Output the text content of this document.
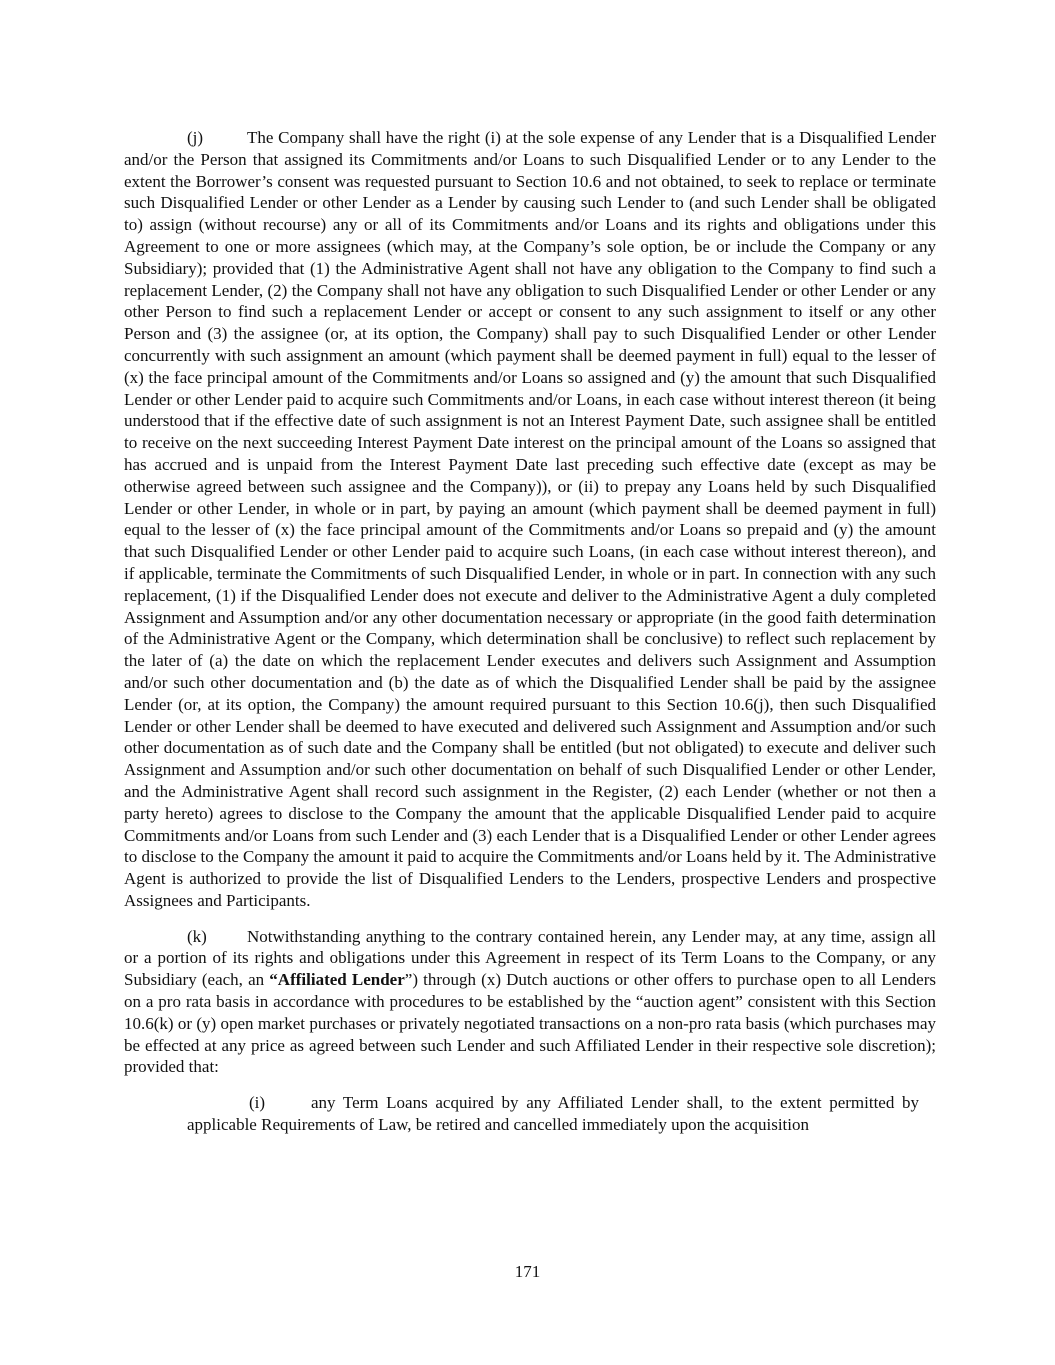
(j)	The Company shall have the right (i) at the sole expense of any Lender that is a Disqualified Lender and/or the Person that assigned its Commitments and/or Loans to such Disqualified Lender or to any Lender to the extent the Borrower’s consent was requested pursuant to Section 10.6 and not obtained, to seek to replace or terminate such Disqualified Lender or other Lender as a Lender by causing such Lender to (and such Lender shall be obligated to) assign (without recourse) any or all of its Commitments and/or Loans and its rights and obligations under this Agreement to one or more assignees (which may, at the Company’s sole option, be or include the Company or any Subsidiary); provided that (1) the Administrative Agent shall not have any obligation to the Company to find such a replacement Lender, (2) the Company shall not have any obligation to such Disqualified Lender or other Lender or any other Person to find such a replacement Lender or accept or consent to any such assignment to itself or any other Person and (3) the assignee (or, at its option, the Company) shall pay to such Disqualified Lender or other Lender concurrently with such assignment an amount (which payment shall be deemed payment in full) equal to the lesser of (x) the face principal amount of the Commitments and/or Loans so assigned and (y) the amount that such Disqualified Lender or other Lender paid to acquire such Commitments and/or Loans, in each case without interest thereon (it being understood that if the effective date of such assignment is not an Interest Payment Date, such assignee shall be entitled to receive on the next succeeding Interest Payment Date interest on the principal amount of the Loans so assigned that has accrued and is unpaid from the Interest Payment Date last preceding such effective date (except as may be otherwise agreed between such assignee and the Company)), or (ii) to prepay any Loans held by such Disqualified Lender or other Lender, in whole or in part, by paying an amount (which payment shall be deemed payment in full) equal to the lesser of (x) the face principal amount of the Commitments and/or Loans so prepaid and (y) the amount that such Disqualified Lender or other Lender paid to acquire such Loans, (in each case without interest thereon), and if applicable, terminate the Commitments of such Disqualified Lender, in whole or in part. In connection with any such replacement, (1) if the Disqualified Lender does not execute and deliver to the Administrative Agent a duly completed Assignment and Assumption and/or any other documentation necessary or appropriate (in the good faith determination of the Administrative Agent or the Company, which determination shall be conclusive) to reflect such replacement by the later of (a) the date on which the replacement Lender executes and delivers such Assignment and Assumption and/or such other documentation and (b) the date as of which the Disqualified Lender shall be paid by the assignee Lender (or, at its option, the Company) the amount required pursuant to this Section 10.6(j), then such Disqualified Lender or other Lender shall be deemed to have executed and delivered such Assignment and Assumption and/or such other documentation as of such date and the Company shall be entitled (but not obligated) to execute and deliver such Assignment and Assumption and/or such other documentation on behalf of such Disqualified Lender or other Lender, and the Administrative Agent shall record such assignment in the Register, (2) each Lender (whether or not then a party hereto) agrees to disclose to the Company the amount that the applicable Disqualified Lender paid to acquire Commitments and/or Loans from such Lender and (3) each Lender that is a Disqualified Lender or other Lender agrees to disclose to the Company the amount it paid to acquire the Commitments and/or Loans held by it. The Administrative Agent is authorized to provide the list of Disqualified Lenders to the Lenders, prospective Lenders and prospective Assignees and Participants.

(k) Notwithstanding anything to the contrary contained herein, any Lender may, at any time, assign all or a portion of its rights and obligations under this Agreement in respect of its Term Loans to the Company, or any Subsidiary (each, an “Affiliated Lender”) through (x) Dutch auctions or other offers to purchase open to all Lenders on a pro rata basis in accordance with procedures to be established by the “auction agent” consistent with this Section 10.6(k) or (y) open market purchases or privately negotiated transactions on a non-pro rata basis (which purchases may be effected at any price as agreed between such Lender and such Affiliated Lender in their respective sole discretion); provided that:

(i)	any Term Loans acquired by any Affiliated Lender shall, to the extent permitted by applicable Requirements of Law, be retired and cancelled immediately upon the acquisition

171
